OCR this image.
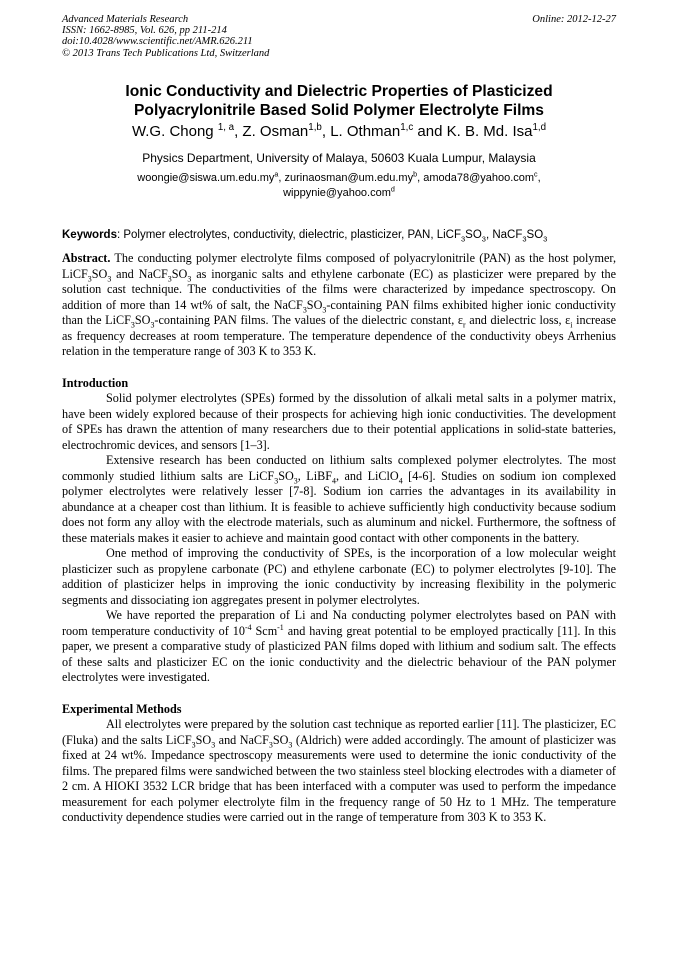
Advanced Materials Research
ISSN: 1662-8985, Vol. 626, pp 211-214
doi:10.4028/www.scientific.net/AMR.626.211
© 2013 Trans Tech Publications Ltd, Switzerland
Online: 2012-12-27
Ionic Conductivity and Dielectric Properties of Plasticized
Polyacrylonitrile Based Solid Polymer Electrolyte Films
W.G. Chong $^{1, a}$, Z. Osman$^{1,b}$, L. Othman$^{1,c}$ and K. B. Md. Isa$^{1,d}$
Physics Department, University of Malaya, 50603 Kuala Lumpur, Malaysia
$woongie@siswa.um.edu.my^a$, $zurinaosman@um.edu.my^b$, amoda78@yahoo.com$^c$,
wippynie@yahoo.com$^d$
Keywords: Polymer electrolytes, conductivity, dielectric, plasticizer, PAN, $LiCF_3SO_3$, $NaCF_3SO_3$

Abstract. The conducting polymer electrolyte films composed of polyacrylonitrile (PAN) as the host polymer, $LiCF_3SO_3$ and $NaCF_3SO_3$ as inorganic salts and ethylene carbonate (EC) as plasticizer were prepared by the solution cast technique. The conductivities of the films were characterized by impedance spectroscopy. On addition of more than 14 wt% of salt, the $NaCF_3SO_3$-containing PAN films exhibited higher ionic conductivity than the $LiCF_3SO_3$-containing PAN films. The values of the dielectric constant, $\varepsilon_r$ and dielectric loss, $\varepsilon_i$ increase as frequency decreases at room temperature. The temperature dependence of the conductivity obeys Arrhenius relation in the temperature range of 303 K to 353 K.

Introduction

Solid polymer electrolytes (SPEs) formed by the dissolution of alkali metal salts in a polymer matrix, have been widely explored because of their prospects for achieving high ionic conductivities. The development of SPEs has drawn the attention of many researchers due to their potential applications in solid-state batteries, electrochromic devices, and sensors [1–3].

Extensive research has been conducted on lithium salts complexed polymer electrolytes. The most commonly studied lithium salts are $LiCF_3SO_3$, LiBF$_4$, and LiClO$_4$ [4-6]. Studies on sodium ion complexed polymer electrolytes were relatively lesser [7-8]. Sodium ion carries the advantages in its availability in abundance at a cheaper cost than lithium. It is feasible to achieve sufficiently high conductivity because sodium does not form any alloy with the electrode materials, such as aluminum and nickel. Furthermore, the softness of these materials makes it easier to achieve and maintain good contact with other components in the battery.

One method of improving the conductivity of SPEs, is the incorporation of a low molecular weight plasticizer such as propylene carbonate (PC) and ethylene carbonate (EC) to polymer electrolytes [9-10]. The addition of plasticizer helps in improving the ionic conductivity by increasing flexibility in the polymeric segments and dissociating ion aggregates present in polymer electrolytes.

We have reported the preparation of Li and Na conducting polymer electrolytes based on PAN with room temperature conductivity of $10^{-4}$ Scm$^{-1}$ and having great potential to be employed practically [11]. In this paper, we present a comparative study of plasticized PAN films doped with lithium and sodium salt. The effects of these salts and plasticizer EC on the ionic conductivity and the dielectric behaviour of the PAN polymer electrolytes were investigated.

Experimental Methods

All electrolytes were prepared by the solution cast technique as reported earlier [11]. The plasticizer, EC (Fluka) and the salts $LiCF_3SO_3$ and $NaCF_3SO_3$ (Aldrich) were added accordingly. The amount of plasticizer was fixed at 24 wt%. Impedance spectroscopy measurements were used to determine the ionic conductivity of the films. The prepared films were sandwiched between the two stainless steel blocking electrodes with a diameter of 2 cm. A HIOKI 3532 LCR bridge that has been interfaced with a computer was used to perform the impedance measurement for each polymer electrolyte film in the frequency range of 50 Hz to 1 MHz. The temperature conductivity dependence studies were carried out in the range of temperature from 303 K to 353 K.
